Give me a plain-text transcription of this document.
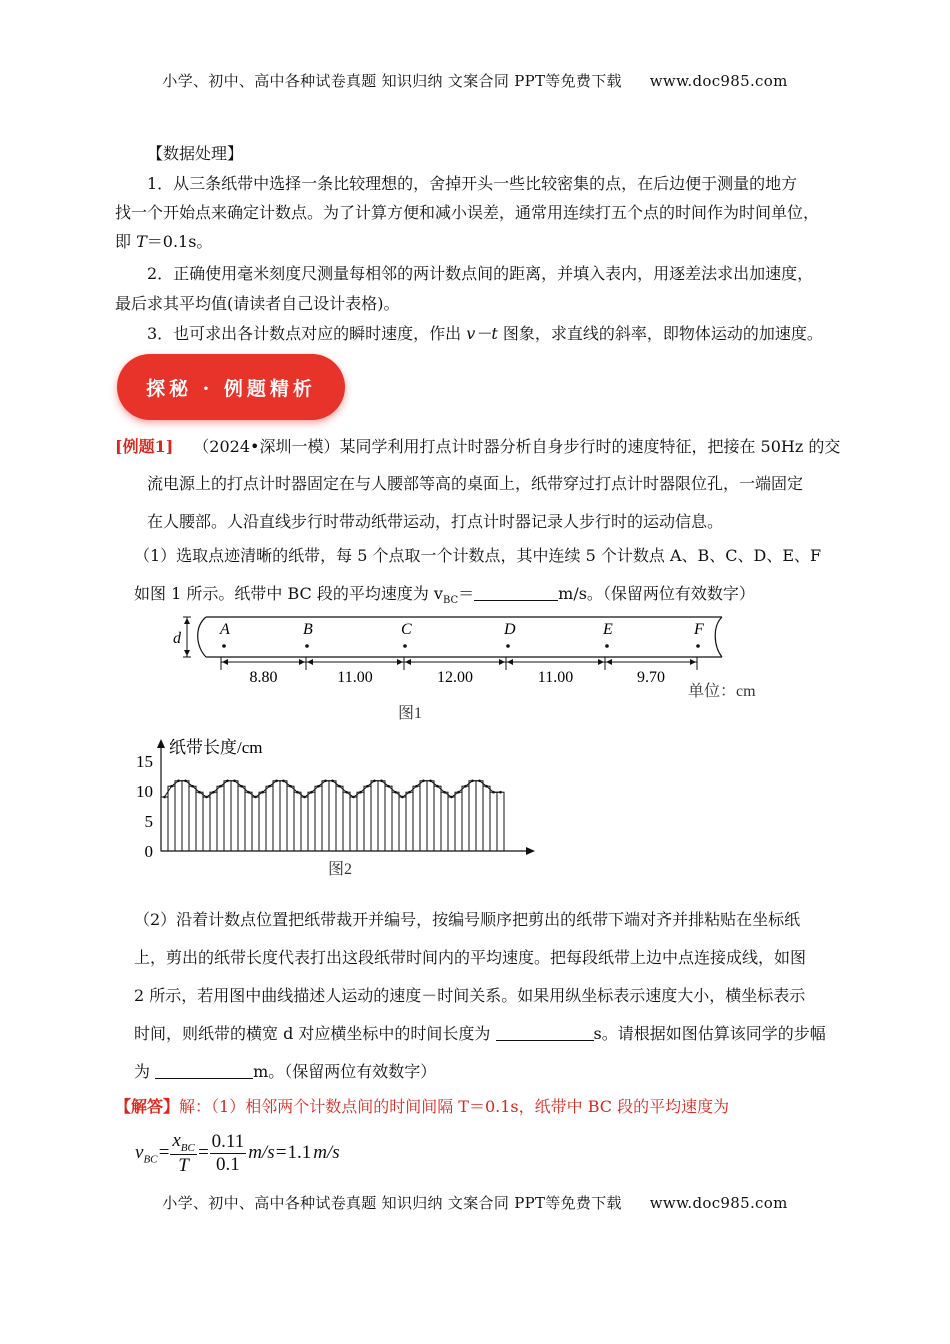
小学、初中、高中各种试卷真题 知识归纳 文案合同 PPT等免费下载 www.doc985.com
【数据处理】
1．从三条纸带中选择一条比较理想的，舍掉开头一些比较密集的点，在后边便于测量的地方
找一个开始点来确定计数点。为了计算方便和减小误差，通常用连续打五个点的时间作为时间单位，
即 T＝0.1s。
2．正确使用毫米刻度尺测量每相邻的两计数点间的距离，并填入表内，用逐差法求出加速度，
最后求其平均值(请读者自己设计表格)。
3．也可求出各计数点对应的瞬时速度，作出 v－t 图象，求直线的斜率，即物体运动的加速度。
探秘 · 例题精析
[例题1] （2024•深圳一模）某同学利用打点计时器分析自身步行时的速度特征，把接在 50Hz 的交
流电源上的打点计时器固定在与人腰部等高的桌面上，纸带穿过打点计时器限位孔，一端固定
在人腰部。人沿直线步行时带动纸带运动，打点计时器记录人步行时的运动信息。
（1）选取点迹清晰的纸带，每 5 个点取一个计数点，其中连续 5 个计数点 A、B、C、D、E、F
如图 1 所示。纸带中 BC 段的平均速度为 $v_{BC}=$	m/s。（保留两位有效数字）
d
A	B	C	D	E	F
8.80	11.00	12.00	11.00	9.70
单位：cm
图1
纸带长度/cm
15
10
5
0
图2
（2）沿着计数点位置把纸带裁开并编号，按编号顺序把剪出的纸带下端对齐并排粘贴在坐标纸
上，剪出的纸带长度代表打出这段纸带时间内的平均速度。把每段纸带上边中点连接成线，如图
2 所示，若用图中曲线描述人运动的速度－时间关系。如果用纵坐标表示速度大小，横坐标表示
时间，则纸带的横宽 d 对应横坐标中的时间长度为	s。请根据如图估算该同学的步幅
为	m。（保留两位有效数字）
【解答】解：（1）相邻两个计数点间的时间间隔 T＝0.1s，纸带中 BC 段的平均速度为
$v_{BC}= \frac{x_{BC}}{T} = \frac{0.11}{0.1} m/s=1.1$ m/s
小学、初中、高中各种试卷真题 知识归纳 文案合同 PPT等免费下载 www.doc985.com
